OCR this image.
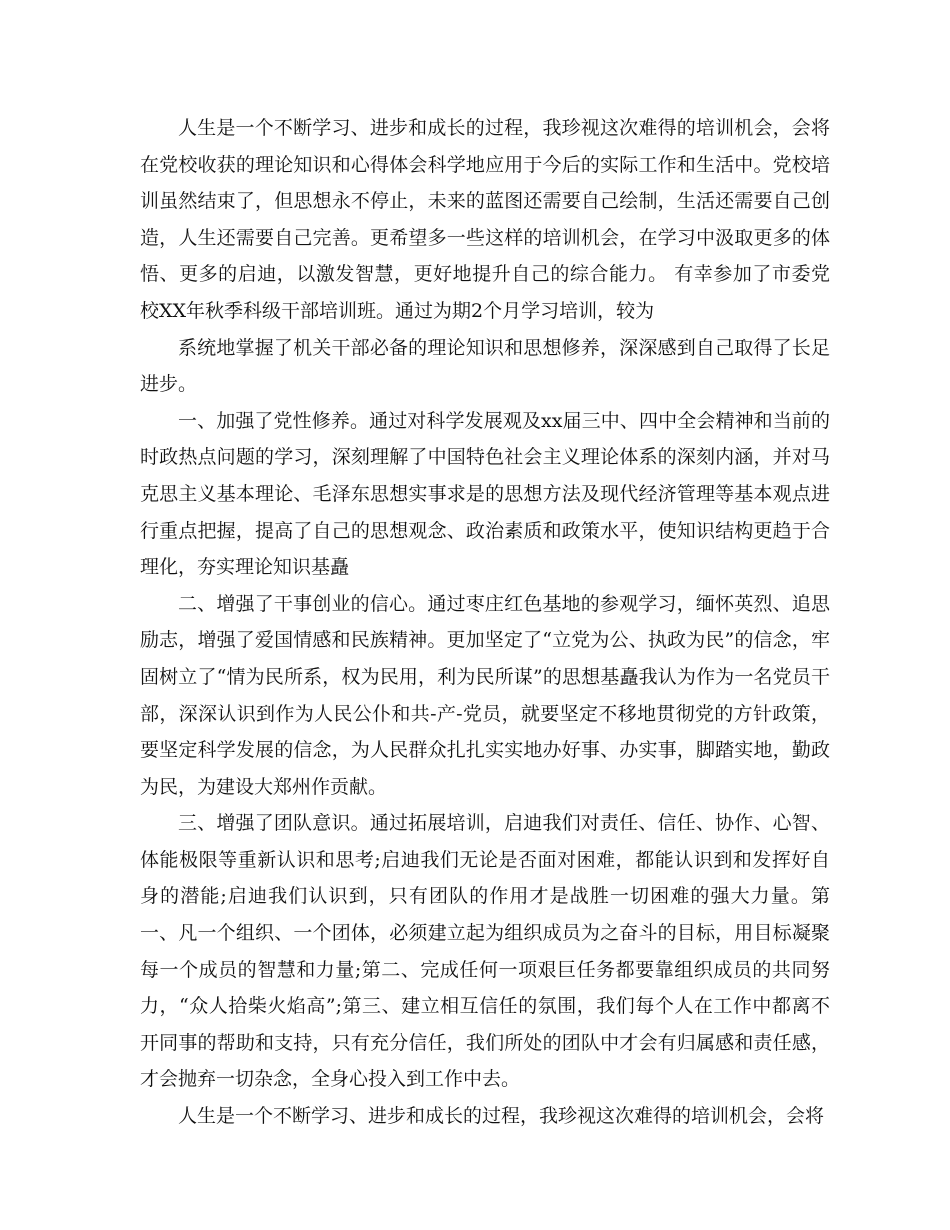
人生是一个不断学习、进步和成长的过程，我珍视这次难得的培训机会，会将在党校收获的理论知识和心得体会科学地应用于今后的实际工作和生活中。党校培训虽然结束了，但思想永不停止，未来的蓝图还需要自己绘制，生活还需要自己创造，人生还需要自己完善。更希望多一些这样的培训机会，在学习中汲取更多的体悟、更多的启迪，以激发智慧，更好地提升自己的综合能力。 有幸参加了市委党校XX年秋季科级干部培训班。通过为期2个月学习培训，较为

系统地掌握了机关干部必备的理论知识和思想修养，深深感到自己取得了长足进步。

一、加强了党性修养。通过对科学发展观及xx届三中、四中全会精神和当前的时政热点问题的学习，深刻理解了中国特色社会主义理论体系的深刻内涵，并对马克思主义基本理论、毛泽东思想实事求是的思想方法及现代经济管理等基本观点进行重点把握，提高了自己的思想观念、政治素质和政策水平，使知识结构更趋于合理化，夯实理论知识基矗

二、增强了干事创业的信心。通过枣庄红色基地的参观学习，缅怀英烈、追思励志，增强了爱国情感和民族精神。更加坚定了“立党为公、执政为民”的信念，牢固树立了“情为民所系，权为民用，利为民所谋”的思想基矗我认为作为一名党员干部，深深认识到作为人民公仆和共-产-党员，就要坚定不移地贯彻党的方针政策，要坚定科学发展的信念，为人民群众扎扎实实地办好事、办实事，脚踏实地，勤政为民，为建设大郑州作贡献。

三、增强了团队意识。通过拓展培训，启迪我们对责任、信任、协作、心智、体能极限等重新认识和思考;启迪我们无论是否面对困难，都能认识到和发挥好自身的潜能;启迪我们认识到，只有团队的作用才是战胜一切困难的强大力量。第一、凡一个组织、一个团体，必须建立起为组织成员为之奋斗的目标，用目标凝聚每一个成员的智慧和力量;第二、完成任何一项艰巨任务都要靠组织成员的共同努力，“众人拾柴火焰高”;第三、建立相互信任的氛围，我们每个人在工作中都离不开同事的帮助和支持，只有充分信任，我们所处的团队中才会有归属感和责任感，才会抛弃一切杂念，全身心投入到工作中去。

人生是一个不断学习、进步和成长的过程，我珍视这次难得的培训机会，会将
